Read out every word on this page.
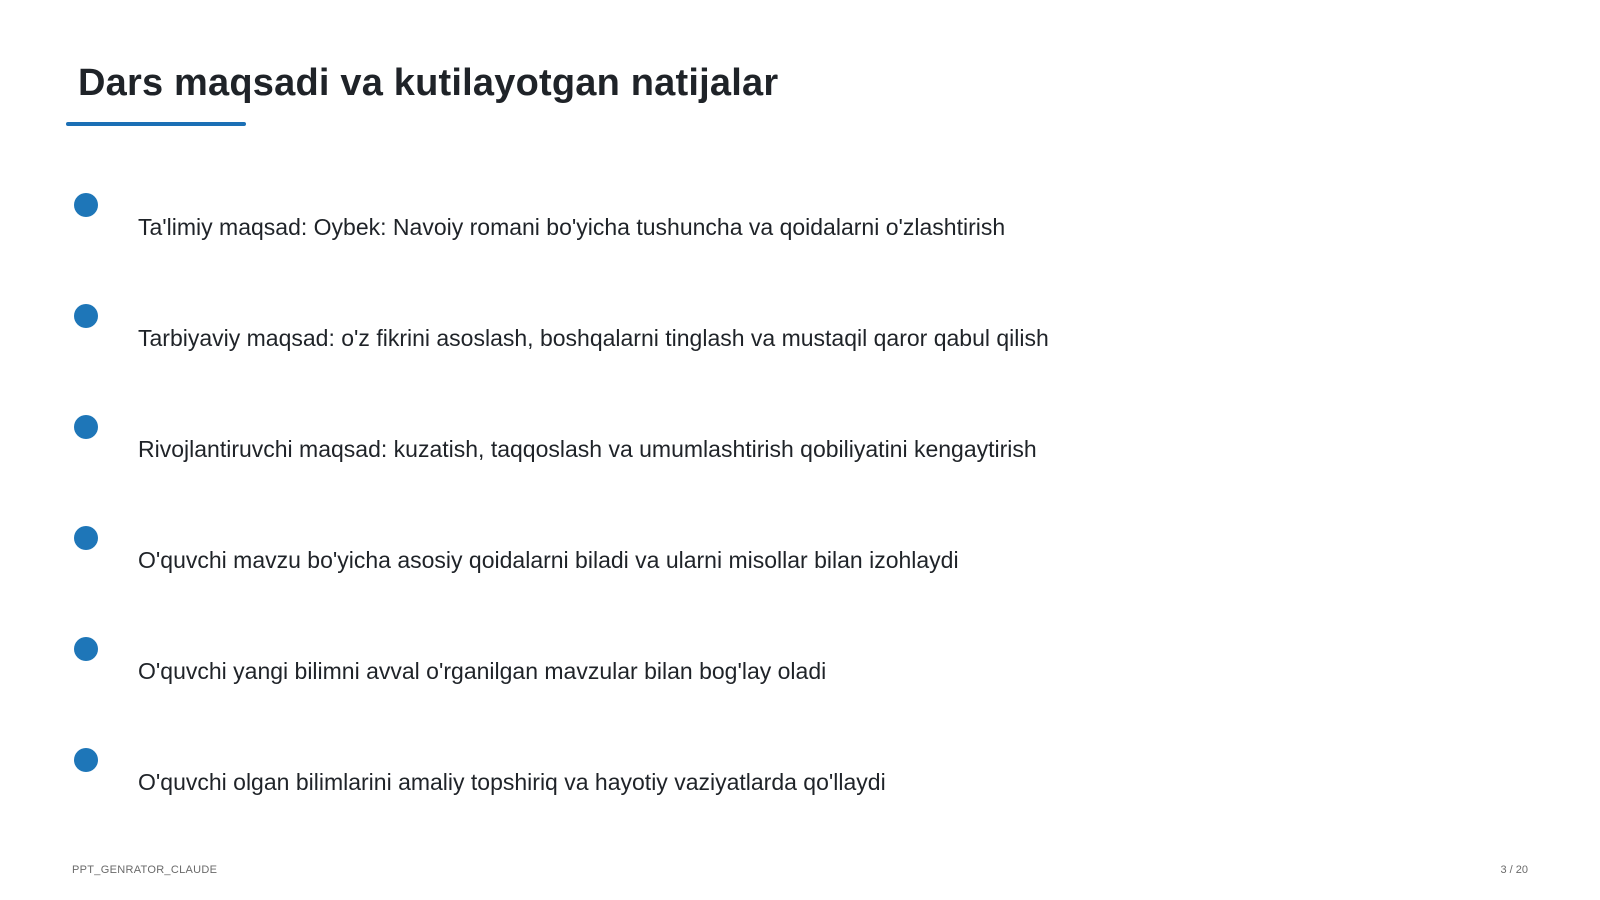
Dars maqsadi va kutilayotgan natijalar
Ta'limiy maqsad: Oybek: Navoiy romani bo'yicha tushuncha va qoidalarni o'zlashtirish
Tarbiyaviy maqsad: o'z fikrini asoslash, boshqalarni tinglash va mustaqil qaror qabul qilish
Rivojlantiruvchi maqsad: kuzatish, taqqoslash va umumlashtirish qobiliyatini kengaytirish
O'quvchi mavzu bo'yicha asosiy qoidalarni biladi va ularni misollar bilan izohlaydi
O'quvchi yangi bilimni avval o'rganilgan mavzular bilan bog'lay oladi
O'quvchi olgan bilimlarini amaliy topshiriq va hayotiy vaziyatlarda qo'llaydi
PPT_GENRATOR_CLAUDE	3 / 20
